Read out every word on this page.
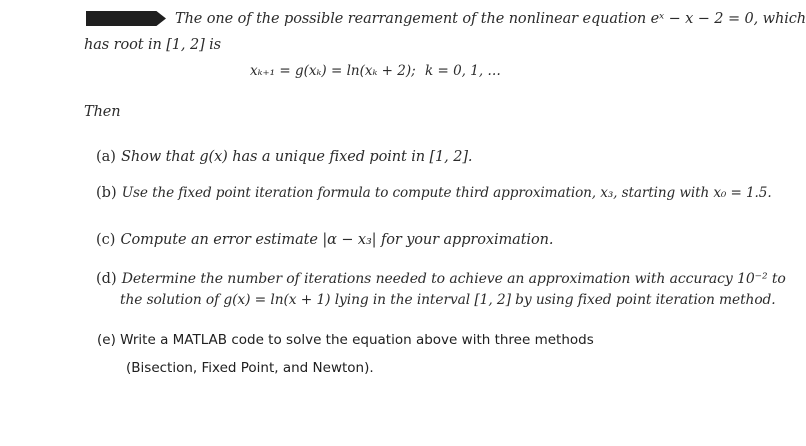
The one of the possible rearrangement of the nonlinear equation eˣ − x − 2 = 0, which
has root in [1, 2] is
xₖ₊₁ = g(xₖ) = ln(xₖ + 2); k = 0, 1, …
Then
(a) Show that g(x) has a unique fixed point in [1, 2].
(b) Use the fixed point iteration formula to compute third approximation, x₃, starting with x₀ = 1.5.
(c) Compute an error estimate |α − x₃| for your approximation.
(d) Determine the number of iterations needed to achieve an approximation with accuracy 10⁻² to
the solution of g(x) = ln(x + 1) lying in the interval [1, 2] by using fixed point iteration method.
(e) Write a MATLAB code to solve the equation above with three methods
(Bisection, Fixed Point, and Newton).
